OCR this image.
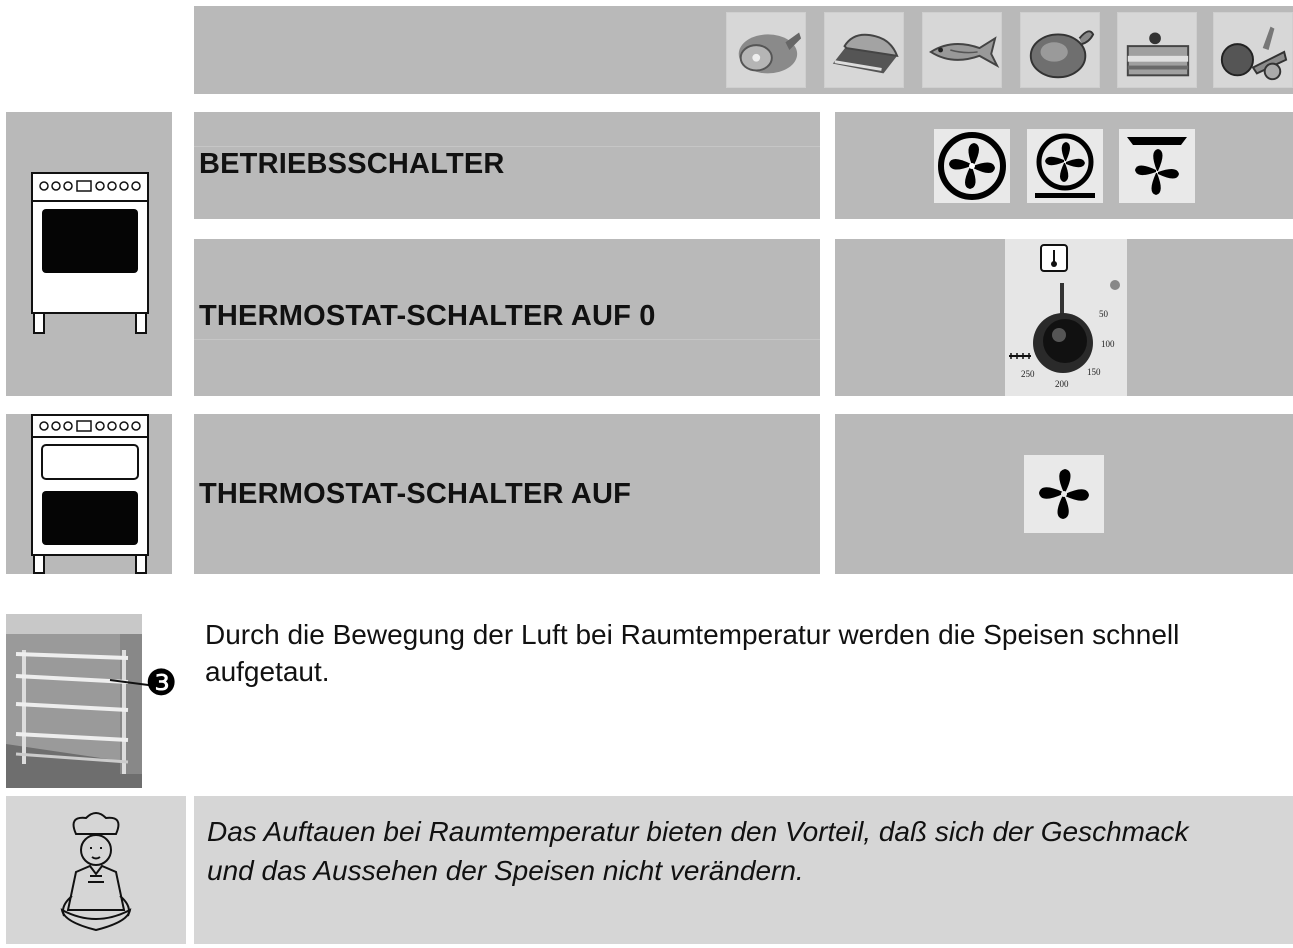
BETRIEBSSCHALTER
THERMOSTAT-SCHALTER AUF 0	50
100
150
200
250
THERMOSTAT-SCHALTER AUF
❸
Durch die Bewegung der Luft bei Raumtemperatur werden die Speisen schnell aufgetaut.
Das Auftauen bei Raumtemperatur bieten den Vorteil, daß sich der Geschmack und das Aussehen der Speisen nicht verändern.
